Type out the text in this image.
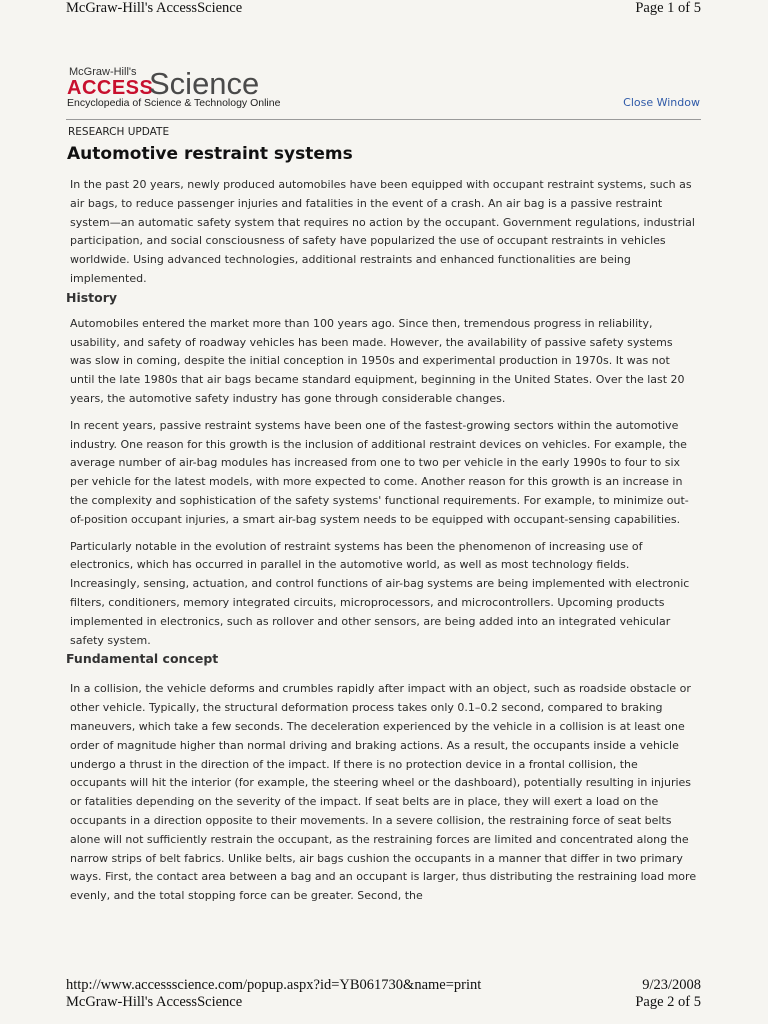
McGraw-Hill's AccessScience	Page 1 of 5
McGraw-Hill's
ACCESS
Science
Encyclopedia of Science & Technology Online	Close Window
RESEARCH UPDATE
Automotive restraint systems

In the past 20 years, newly produced automobiles have been equipped with occupant restraint systems, such as air bags, to reduce passenger injuries and fatalities in the event of a crash. An air bag is a passive restraint system—an automatic safety system that requires no action by the occupant. Government regulations, industrial participation, and social consciousness of safety have popularized the use of occupant restraints in vehicles worldwide. Using advanced technologies, additional restraints and enhanced functionalities are being implemented.

History

Automobiles entered the market more than 100 years ago. Since then, tremendous progress in reliability, usability, and safety of roadway vehicles has been made. However, the availability of passive safety systems was slow in coming, despite the initial conception in 1950s and experimental production in 1970s. It was not until the late 1980s that air bags became standard equipment, beginning in the United States. Over the last 20 years, the automotive safety industry has gone through considerable changes.

In recent years, passive restraint systems have been one of the fastest-growing sectors within the automotive industry. One reason for this growth is the inclusion of additional restraint devices on vehicles. For example, the average number of air-bag modules has increased from one to two per vehicle in the early 1990s to four to six per vehicle for the latest models, with more expected to come. Another reason for this growth is an increase in the complexity and sophistication of the safety systems' functional requirements. For example, to minimize out-of-position occupant injuries, a smart air-bag system needs to be equipped with occupant-sensing capabilities.

Particularly notable in the evolution of restraint systems has been the phenomenon of increasing use of electronics, which has occurred in parallel in the automotive world, as well as most technology fields. Increasingly, sensing, actuation, and control functions of air-bag systems are being implemented with electronic filters, conditioners, memory integrated circuits, microprocessors, and microcontrollers. Upcoming products implemented in electronics, such as rollover and other sensors, are being added into an integrated vehicular safety system.

Fundamental concept

In a collision, the vehicle deforms and crumbles rapidly after impact with an object, such as roadside obstacle or other vehicle. Typically, the structural deformation process takes only 0.1–0.2 second, compared to braking maneuvers, which take a few seconds. The deceleration experienced by the vehicle in a collision is at least one order of magnitude higher than normal driving and braking actions. As a result, the occupants inside a vehicle undergo a thrust in the direction of the impact. If there is no protection device in a frontal collision, the occupants will hit the interior (for example, the steering wheel or the dashboard), potentially resulting in injuries or fatalities depending on the severity of the impact. If seat belts are in place, they will exert a load on the occupants in a direction opposite to their movements. In a severe collision, the restraining force of seat belts alone will not sufficiently restrain the occupant, as the restraining forces are limited and concentrated along the narrow strips of belt fabrics. Unlike belts, air bags cushion the occupants in a manner that differ in two primary ways. First, the contact area between a bag and an occupant is larger, thus distributing the restraining load more evenly, and the total stopping force can be greater. Second, the

http://www.accessscience.com/popup.aspx?id=YB061730&name=print	9/23/2008
McGraw-Hill's AccessScience	Page 2 of 5
